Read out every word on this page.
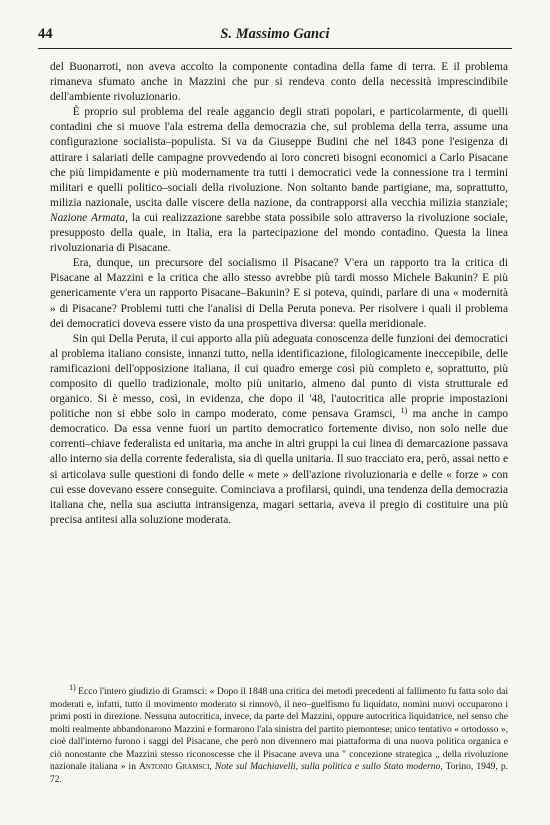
44	S. Massimo Ganci

del Buonarroti, non aveva accolto la componente contadina della fame di terra. E il problema rimaneva sfumato anche in Mazzini che pur si rendeva conto della necessità imprescindibile dell'ambiente rivoluzionario.

È proprio sul problema del reale aggancio degli strati popolari, e particolarmente, di quelli contadini che si muove l'ala estrema della democrazia che, sul problema della terra, assume una configurazione socialista–populista. Si va da Giuseppe Budini che nel 1843 pone l'esigenza di attirare i salariati delle campagne provvedendo ai loro concreti bisogni economici a Carlo Pisacane che più limpidamente e più modernamente tra tutti i democratici vede la connessione tra i termini militari e quelli politico–sociali della rivoluzione. Non soltanto bande partigiane, ma, soprattutto, milizia nazionale, uscita dalle viscere della nazione, da contrapporsi alla vecchia milizia stanziale; Nazione Armata, la cui realizzazione sarebbe stata possibile solo attraverso la rivoluzione sociale, presupposto della quale, in Italia, era la partecipazione del mondo contadino. Questa la linea rivoluzionaria di Pisacane.

Era, dunque, un precursore del socialismo il Pisacane? V'era un rapporto tra la critica di Pisacane al Mazzini e la critica che allo stesso avrebbe più tardi mosso Michele Bakunin? E più genericamente v'era un rapporto Pisacane–Bakunin? E si poteva, quindi, parlare di una « modernità » di Pisacane? Problemi tutti che l'analisi di Della Peruta poneva. Per risolvere i quali il problema dei democratici doveva essere visto da una prospettiva diversa: quella meridionale.

Sin qui Della Peruta, il cui apporto alla più adeguata conoscenza delle funzioni dei democratici al problema italiano consiste, innanzi tutto, nella identificazione, filologicamente ineccepibile, delle ramificazioni dell'opposizione italiana, il cui quadro emerge così più completo e, soprattutto, più composito di quello tradizionale, molto più unitario, almeno dal punto di vista strutturale ed organico. Si è messo, così, in evidenza, che dopo il '48, l'autocritica alle proprie impostazioni politiche non si ebbe solo in campo moderato, come pensava Gramsci, $^{1)}$ ma anche in campo democratico. Da essa venne fuori un partito democratico fortemente diviso, non solo nelle due correnti–chiave federalista ed unitaria, ma anche in altri gruppi la cui linea di demarcazione passava allo interno sia della corrente federalista, sia di quella unitaria. Il suo tracciato era, però, assai netto e si articolava sulle questioni di fondo delle « mete » dell'azione rivoluzionaria e delle « forze » con cui esse dovevano essere conseguite. Cominciava a profilarsi, quindi, una tendenza della democrazia italiana che, nella sua asciutta intransigenza, magari settaria, aveva il pregio di costituire una più precisa antitesi alla soluzione moderata.

$^{1)}$ Ecco l'intero giudizio di Gramsci: « Dopo il 1848 una critica dei metodi precedenti al fallimento fu fatta solo dai moderati e, infatti, tutto il movimento moderato si rinnovò, il neo–guelfismo fu liquidato, nomini nuovi occuparono i primi posti in direzione. Nessuna autocritica, invece, da parte del Mazzini, oppure autocritica liquidatrice, nel senso che molti realmente abbandonarono Mazzini e formarono l'ala sinistra del partito piemontese; unico tentativo « ortodosso », cioè dall'interno furono i saggi del Pisacane, che però non divennero mai piattaforma di una nuova politica organica e ciò nonostante che Mazzini stesso riconoscesse che il Pisacane aveva una " concezione strategica „ della rivoluzione nazionale italiana » in Antonio Gramsci, Note sul Machiavelli, sulla politica e sullo Stato moderno, Torino, 1949, p. 72.
